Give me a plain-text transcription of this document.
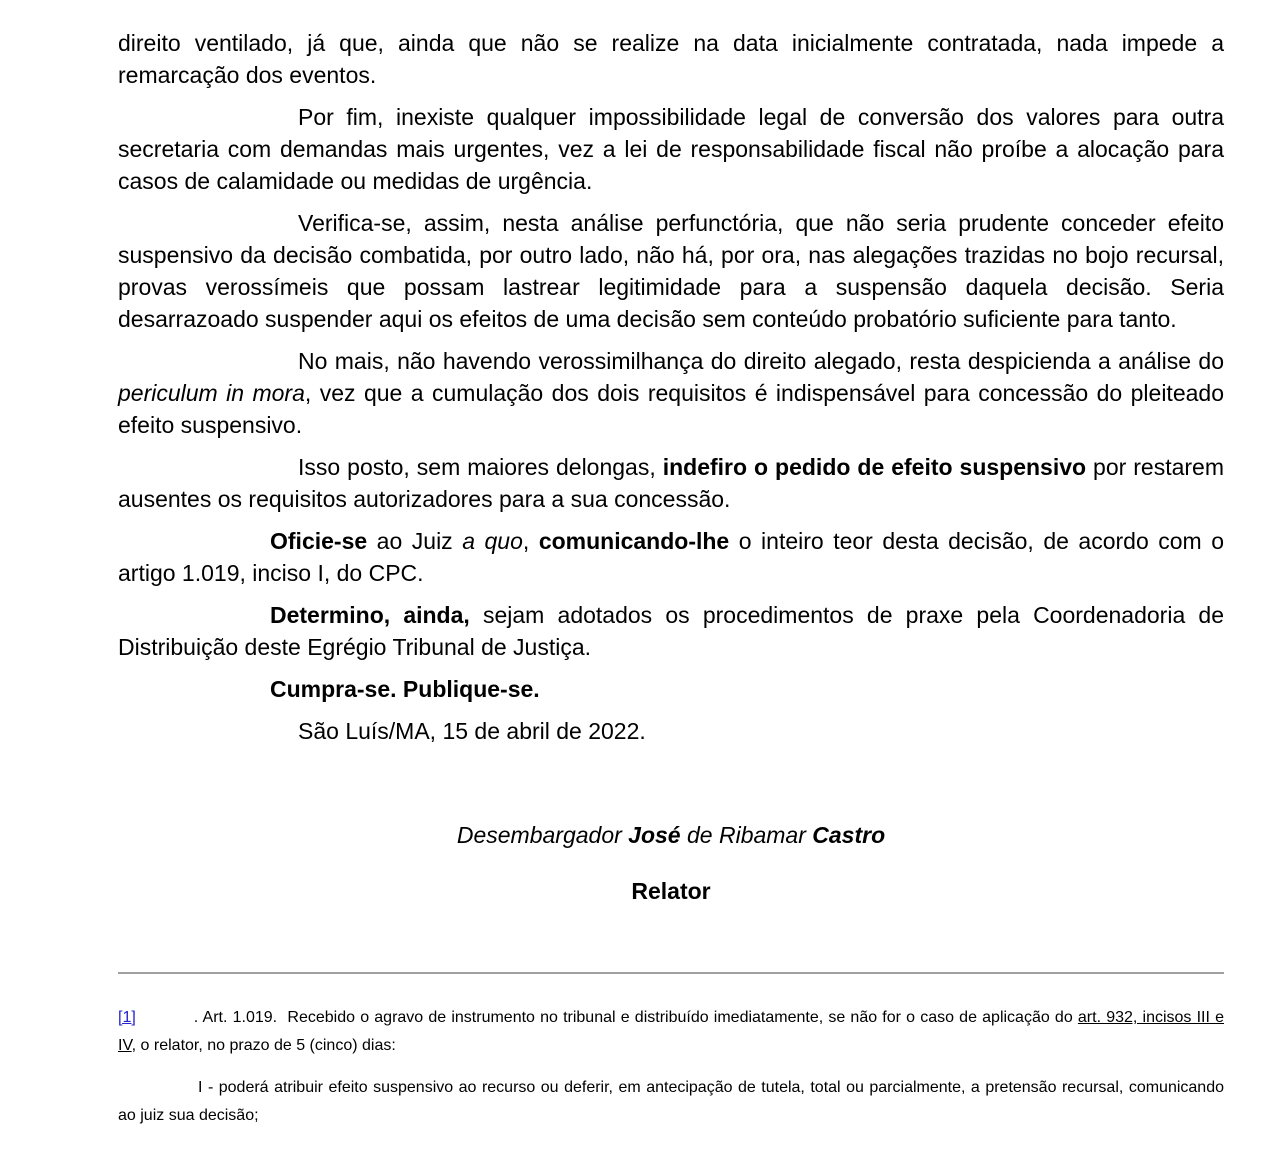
direito ventilado, já que, ainda que não se realize na data inicialmente contratada, nada impede a remarcação dos eventos.

Por fim, inexiste qualquer impossibilidade legal de conversão dos valores para outra secretaria com demandas mais urgentes, vez a lei de responsabilidade fiscal não proíbe a alocação para casos de calamidade ou medidas de urgência.

Verifica-se, assim, nesta análise perfunctória, que não seria prudente conceder efeito suspensivo da decisão combatida, por outro lado, não há, por ora, nas alegações trazidas no bojo recursal, provas verossímeis que possam lastrear legitimidade para a suspensão daquela decisão. Seria desarrazoado suspender aqui os efeitos de uma decisão sem conteúdo probatório suficiente para tanto.

No mais, não havendo verossimilhança do direito alegado, resta despicienda a análise do periculum in mora, vez que a cumulação dos dois requisitos é indispensável para concessão do pleiteado efeito suspensivo.

Isso posto, sem maiores delongas, indefiro o pedido de efeito suspensivo por restarem ausentes os requisitos autorizadores para a sua concessão.

Oficie-se ao Juiz a quo, comunicando-lhe o inteiro teor desta decisão, de acordo com o artigo 1.019, inciso I, do CPC.

Determino, ainda, sejam adotados os procedimentos de praxe pela Coordenadoria de Distribuição deste Egrégio Tribunal de Justiça.

Cumpra-se. Publique-se.

São Luís/MA, 15 de abril de 2022.

Desembargador José de Ribamar Castro

Relator

[1]	. Art. 1.019.  Recebido o agravo de instrumento no tribunal e distribuído imediatamente, se não for o caso de aplicação do art. 932, incisos III e IV, o relator, no prazo de 5 (cinco) dias:

I - poderá atribuir efeito suspensivo ao recurso ou deferir, em antecipação de tutela, total ou parcialmente, a pretensão recursal, comunicando ao juiz sua decisão;
